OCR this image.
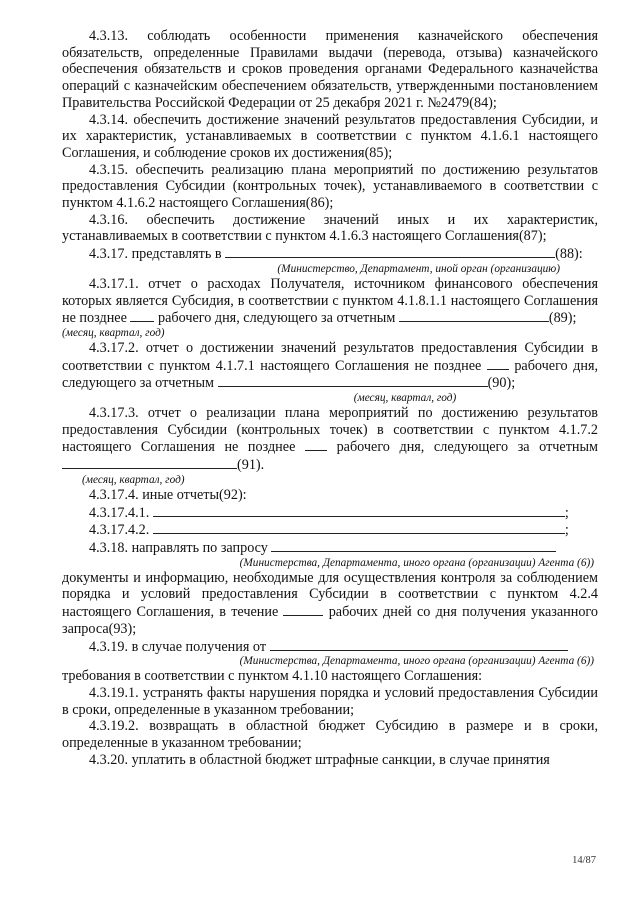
4.3.13. соблюдать особенности применения казначейского обеспечения обязательств, определенные Правилами выдачи (перевода, отзыва) казначейского обеспечения обязательств и сроков проведения органами Федерального казначейства операций с казначейским обеспечением обязательств, утвержденными постановлением Правительства Российской Федерации от 25 декабря 2021 г. №2479(84);

4.3.14. обеспечить достижение значений результатов предоставления Субсидии, и их характеристик, устанавливаемых в соответствии с пунктом 4.1.6.1 настоящего Соглашения, и соблюдение сроков их достижения(85);

4.3.15. обеспечить реализацию плана мероприятий по достижению результатов предоставления Субсидии (контрольных точек), устанавливаемого в соответствии с пунктом 4.1.6.2 настоящего Соглашения(86);

4.3.16. обеспечить достижение значений иных и их характеристик, устанавливаемых в соответствии с пунктом 4.1.6.3 настоящего Соглашения(87);

4.3.17. представлять в	(88):

(Министерство, Департамент, иной орган (организацию)

4.3.17.1. отчет о расходах Получателя, источником финансового обеспечения которых является Субсидия, в соответствии с пунктом 4.1.8.1.1 настоящего Соглашения не позднее рабочего дня, следующего за отчетным	(89);

(месяц, квартал, год)

4.3.17.2. отчет о достижении значений результатов предоставления Субсидии в соответствии с пунктом 4.1.7.1 настоящего Соглашения не позднее рабочего дня, следующего за отчетным	(90);

(месяц, квартал, год)

4.3.17.3. отчет о реализации плана мероприятий по достижению результатов предоставления Субсидии (контрольных точек) в соответствии с пунктом 4.1.7.2 настоящего Соглашения не позднее	рабочего дня, следующего за отчетным (91).

(месяц, квартал, год)

4.3.17.4. иные отчеты(92):

4.3.17.4.1.	;

4.3.17.4.2.	;

4.3.18. направлять по запросу

(Министерства, Департамента, иного органа (организации) Агента (6))

документы и информацию, необходимые для осуществления контроля за соблюдением порядка и условий предоставления Субсидии в соответствии с пунктом 4.2.4 настоящего Соглашения, в течение	рабочих дней со дня получения указанного запроса(93);

4.3.19. в случае получения от

(Министерства, Департамента, иного органа (организации) Агента (6))

требования в соответствии с пунктом 4.1.10 настоящего Соглашения:

4.3.19.1. устранять факты нарушения порядка и условий предоставления Субсидии в сроки, определенные в указанном требовании;

4.3.19.2. возвращать в областной бюджет Субсидию в размере и в сроки, определенные в указанном требовании;

4.3.20. уплатить в областной бюджет штрафные санкции, в случае принятия

14/87
